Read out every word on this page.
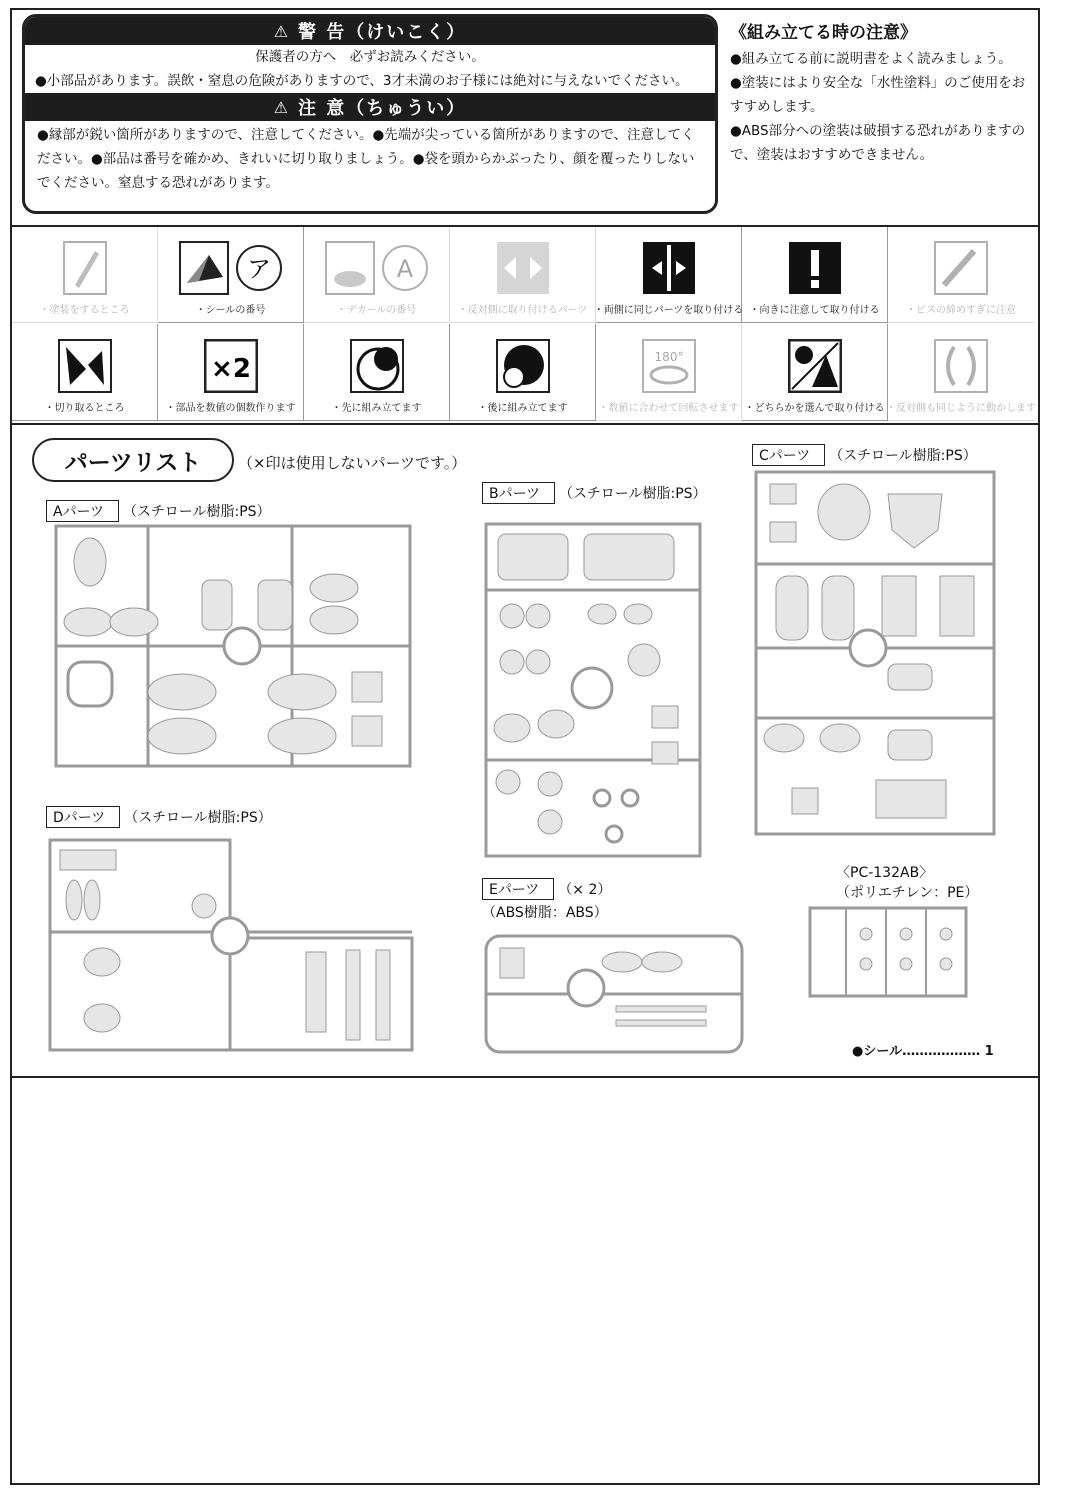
⚠ 警 告（けいこく）
保護者の方へ　必ずお読みください。
●小部品があります。誤飲・窒息の危険がありますので、3才未満のお子様には絶対に与えないでください。
⚠ 注 意（ちゅうい）
●縁部が鋭い箇所がありますので、注意してください。●先端が尖っている箇所がありますので、注意してください。●部品は番号を確かめ、きれいに切り取りましょう。●袋を頭からかぶったり、顔を覆ったりしないでください。窒息する恐れがあります。
《組み立てる時の注意》
●組み立てる前に説明書をよく読みましょう。
●塗装にはより安全な「水性塗料」のご使用をおすすめします。
●ABS部分への塗装は破損する恐れがありますので、塗装はおすすめできません。
・塗装をするところ
ア
・シールの番号
A
・デカールの番号	・反対側に取り付けるパーツ ・両側に同じパーツを取り付ける ・向きに注意して取り付ける	・ビスの締めすぎに注意
・切り取るところ
×2
・部品を数値の個数作ります	・先に組み立てます	・後に組み立てます
180°
・数値に合わせて回転させます ・どちらかを選んで取り付ける ・反対側も同じように動かします
パーツリスト	（×印は使用しないパーツです。）
Aパーツ （スチロール樹脂:PS）
Bパーツ （スチロール樹脂:PS）
Cパーツ （スチロール樹脂:PS）
Dパーツ （スチロール樹脂:PS）
Eパーツ （× 2）
（ABS樹脂：ABS）
〈PC-132AB〉
（ポリエチレン：PE）
●シール……………… 1
